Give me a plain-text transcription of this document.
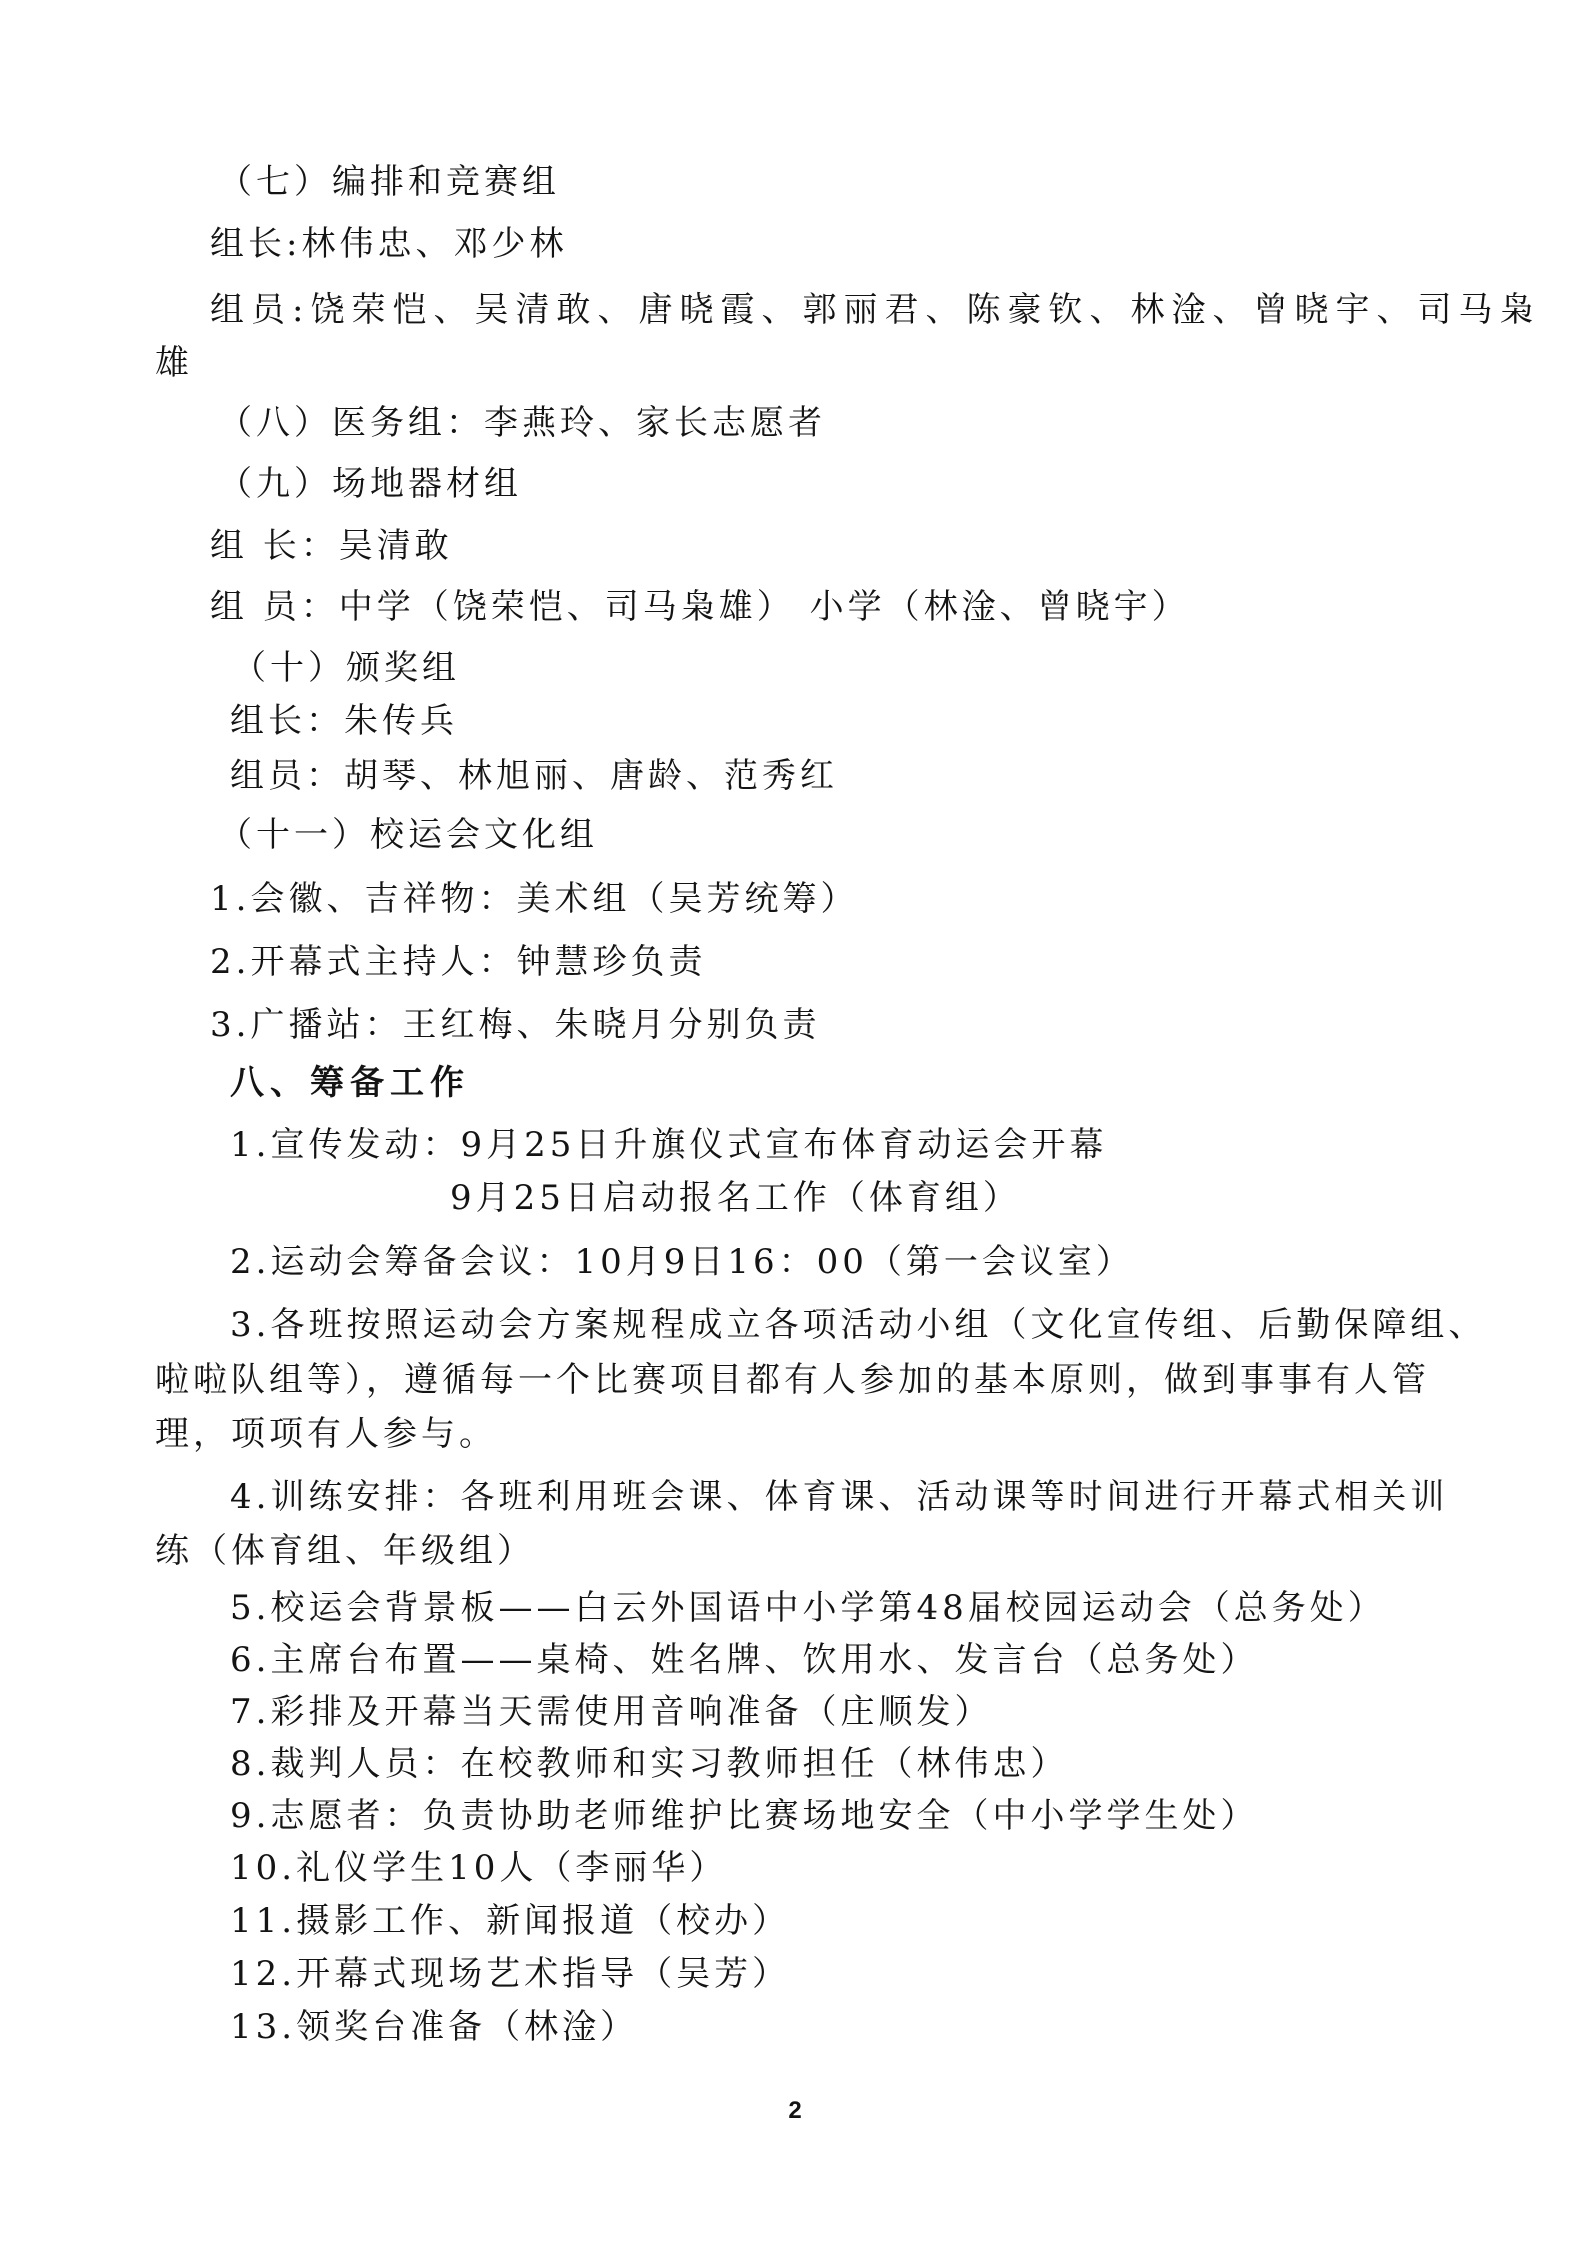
（七）编排和竞赛组
组长:林伟忠、邓少林
组员:饶荣恺、吴清敢、唐晓霞、郭丽君、陈豪钦、林淦、曾晓宇、司马枭
雄
（八）医务组：李燕玲、家长志愿者
（九）场地器材组
组 长：吴清敢
组 员：中学（饶荣恺、司马枭雄） 小学（林淦、曾晓宇）
（十）颁奖组
组长：朱传兵
组员：胡琴、林旭丽、唐龄、范秀红
（十一）校运会文化组
1.会徽、吉祥物：美术组（吴芳统筹）
2.开幕式主持人：钟慧珍负责
3.广播站：王红梅、朱晓月分别负责
八、筹备工作
1.宣传发动：9月25日升旗仪式宣布体育动运会开幕
9月25日启动报名工作（体育组）
2.运动会筹备会议：10月9日16：00（第一会议室）
3.各班按照运动会方案规程成立各项活动小组（文化宣传组、后勤保障组、
啦啦队组等），遵循每一个比赛项目都有人参加的基本原则，做到事事有人管
理，项项有人参与。
4.训练安排：各班利用班会课、体育课、活动课等时间进行开幕式相关训
练（体育组、年级组）
5.校运会背景板——白云外国语中小学第48届校园运动会（总务处）
6.主席台布置——桌椅、姓名牌、饮用水、发言台（总务处）
7.彩排及开幕当天需使用音响准备（庄顺发）
8.裁判人员：在校教师和实习教师担任（林伟忠）
9.志愿者：负责协助老师维护比赛场地安全（中小学学生处）
10.礼仪学生10人（李丽华）
11.摄影工作、新闻报道（校办）
12.开幕式现场艺术指导（吴芳）
13.领奖台准备（林淦）
2
